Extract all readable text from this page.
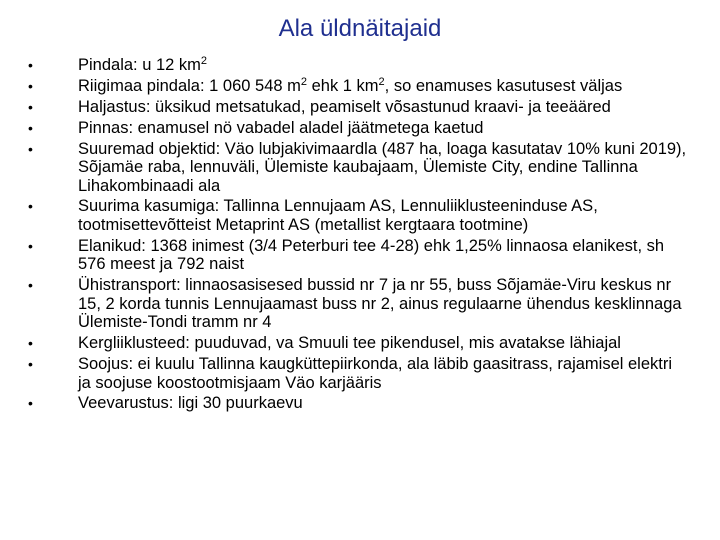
Ala üldnäitajaid
•	Pindala: u 12 $km^2$
•	Riigimaa pindala: 1 060 548 $m^2$ ehk 1 $km^2$, so enamuses kasutusest väljas
•	Haljastus: üksikud metsatukad, peamiselt võsastunud kraavi- ja teeääred
•	Pinnas: enamusel nö vabadel aladel jäätmetega kaetud
•	Suuremad objektid: Väo lubjakivimaardla (487 ha, loaga kasutatav 10% kuni 2019), Sõjamäe raba, lennuväli, Ülemiste kaubajaam, Ülemiste City, endine Tallinna Lihakombinaadi ala
•	Suurima kasumiga: Tallinna Lennujaam AS, Lennuliiklusteeninduse AS, tootmisettevõtteist Metaprint AS (metallist kergtaara tootmine)
•	Elanikud: 1368 inimest (3/4 Peterburi tee 4-28) ehk 1,25% linnaosa elanikest, sh 576 meest ja 792 naist
•	Ühistransport: linnaosasisesed bussid nr 7 ja nr 55, buss Sõjamäe-Viru keskus nr 15, 2 korda tunnis Lennujaamast buss nr 2, ainus regulaarne ühendus kesklinnaga Ülemiste-Tondi tramm nr 4
•	Kergliiklusteed: puuduvad, va Smuuli tee pikendusel, mis avatakse lähiajal
•	Soojus: ei kuulu Tallinna kaugküttepiirkonda, ala läbib gaasitrass, rajamisel elektri ja soojuse koostootmisjaam Väo karjääris
•	Veevarustus: ligi 30 puurkaevu
